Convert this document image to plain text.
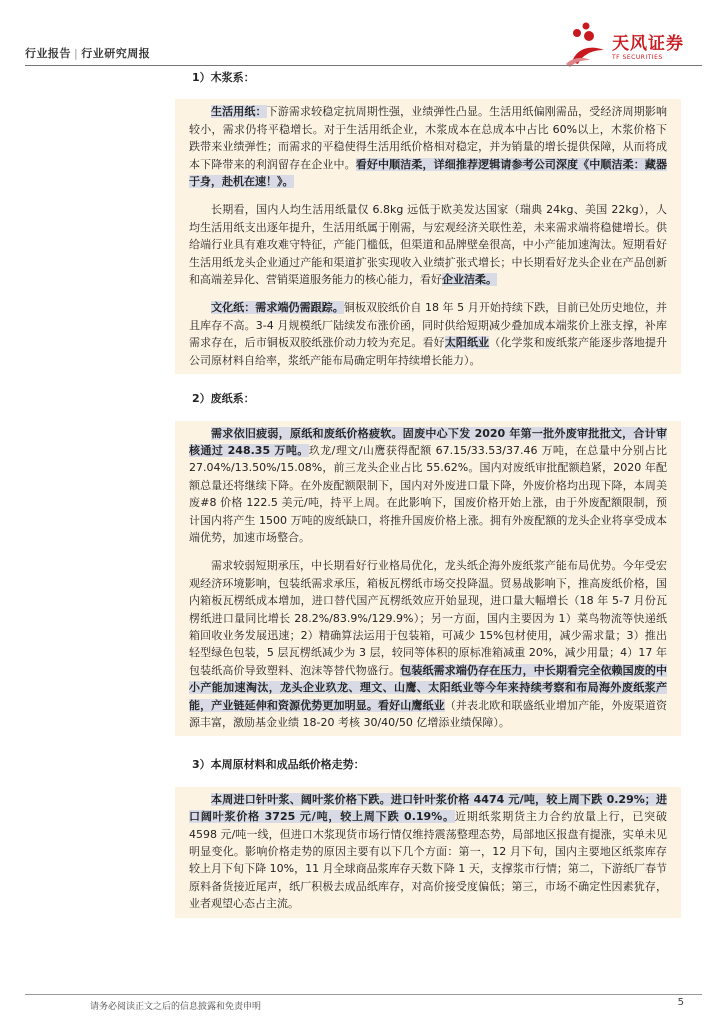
行业报告 | 行业研究周报	天风证券
TF SECURITIES
1）木浆系：

生活用纸：下游需求较稳定抗周期性强，业绩弹性凸显。生活用纸偏刚需品，受经济周期影响较小，需求仍将平稳增长。对于生活用纸企业，木浆成本在总成本中占比 60%以上，木浆价格下跌带来业绩弹性；而需求的平稳使得生活用纸价格相对稳定，并为销量的增长提供保障，从而将成本下降带来的利润留存在企业中。看好中顺洁柔，详细推荐逻辑请参考公司深度《中顺洁柔：藏器于身，赴机在速！》。

长期看，国内人均生活用纸量仅 6.8kg 远低于欧美发达国家（瑞典 24kg、美国 22kg），人均生活用纸支出逐年提升，生活用纸属于刚需，与宏观经济关联性差，未来需求端将稳健增长。供给端行业具有难攻难守特征，产能门槛低，但渠道和品牌壁垒很高，中小产能加速淘汰。短期看好生活用纸龙头企业通过产能和渠道扩张实现收入业绩扩张式增长；中长期看好龙头企业在产品创新和高端差异化、营销渠道服务能力的核心能力，看好企业洁柔。

文化纸：需求端仍需跟踪。铜板双胶纸价自 18 年 5 月开始持续下跌，目前已处历史地位，并且库存不高。3-4 月规模纸厂陆续发布涨价函，同时供给短期减少叠加成本端浆价上涨支撑，补库需求存在，后市铜板双胶纸涨价动力较为充足。看好太阳纸业（化学浆和废纸浆产能逐步落地提升公司原材料自给率，浆纸产能布局确定明年持续增长能力）。

2）废纸系：

需求依旧疲弱，原纸和废纸价格疲软。固废中心下发 2020 年第一批外废审批批文，合计审核通过 248.35 万吨。玖龙/理文/山鹰获得配额 67.15/33.53/37.46 万吨，在总量中分别占比 27.04%/13.50%/15.08%，前三龙头企业占比 55.62%。国内对废纸审批配额趋紧，2020 年配额总量还将继续下降。在外废配额限制下，国内对外废进口量下降，外废价格均出现下降，本周美废#8 价格 122.5 美元/吨，持平上周。在此影响下，国废价格开始上涨，由于外废配额限制，预计国内将产生 1500 万吨的废纸缺口，将推升国废价格上涨。拥有外废配额的龙头企业将享受成本端优势，加速市场整合。

需求较弱短期承压，中长期看好行业格局优化，龙头纸企海外废纸浆产能布局优势。今年受宏观经济环境影响，包装纸需求承压，箱板瓦楞纸市场交投降温。贸易战影响下，推高废纸价格，国内箱板瓦楞纸成本增加，进口替代国产瓦楞纸效应开始显现，进口量大幅增长（18 年 5-7 月份瓦楞纸进口量同比增长 28.2%/83.9%/129.9%）；另一方面，国内主要因为 1）菜鸟物流等快递纸箱回收业务发展迅速；2）精确算法运用于包装箱，可减少 15%包材使用，减少需求量；3）推出轻型绿色包装，5 层瓦楞纸减少为 3 层，较同等体积的原标准箱减重 20%，减少用量；4）17 年包装纸高价导致塑料、泡沫等替代物盛行。包装纸需求端仍存在压力，中长期看完全依赖国废的中小产能加速淘汰，龙头企业玖龙、理文、山鹰、太阳纸业等今年来持续考察和布局海外废纸浆产能，产业链延伸和资源优势更加明显。看好山鹰纸业（并表北欧和联盛纸业增加产能，外废渠道资源丰富，激励基金业绩 18-20 考核 30/40/50 亿增添业绩保障）。

3）本周原材料和成品纸价格走势：

本周进口针叶浆、阔叶浆价格下跌。进口针叶浆价格 4474 元/吨，较上周下跌 0.29%；进口阔叶浆价格 3725 元/吨，较上周下跌 0.19%。近期纸浆期货主力合约放量上行，已突破 4598 元/吨一线，但进口木浆现货市场行情仅维持震荡整理态势，局部地区报盘有提涨，实单未见明显变化。影响价格走势的原因主要有以下几个方面：第一，12 月下旬，国内主要地区纸浆库存较上月下旬下降 10%，11 月全球商品浆库存天数下降 1 天，支撑浆市行情；第二，下游纸厂春节原料备货接近尾声，纸厂积极去成品纸库存，对高价接受度偏低；第三，市场不确定性因素犹存，业者观望心态占主流。

请务必阅读正文之后的信息披露和免责申明	5
